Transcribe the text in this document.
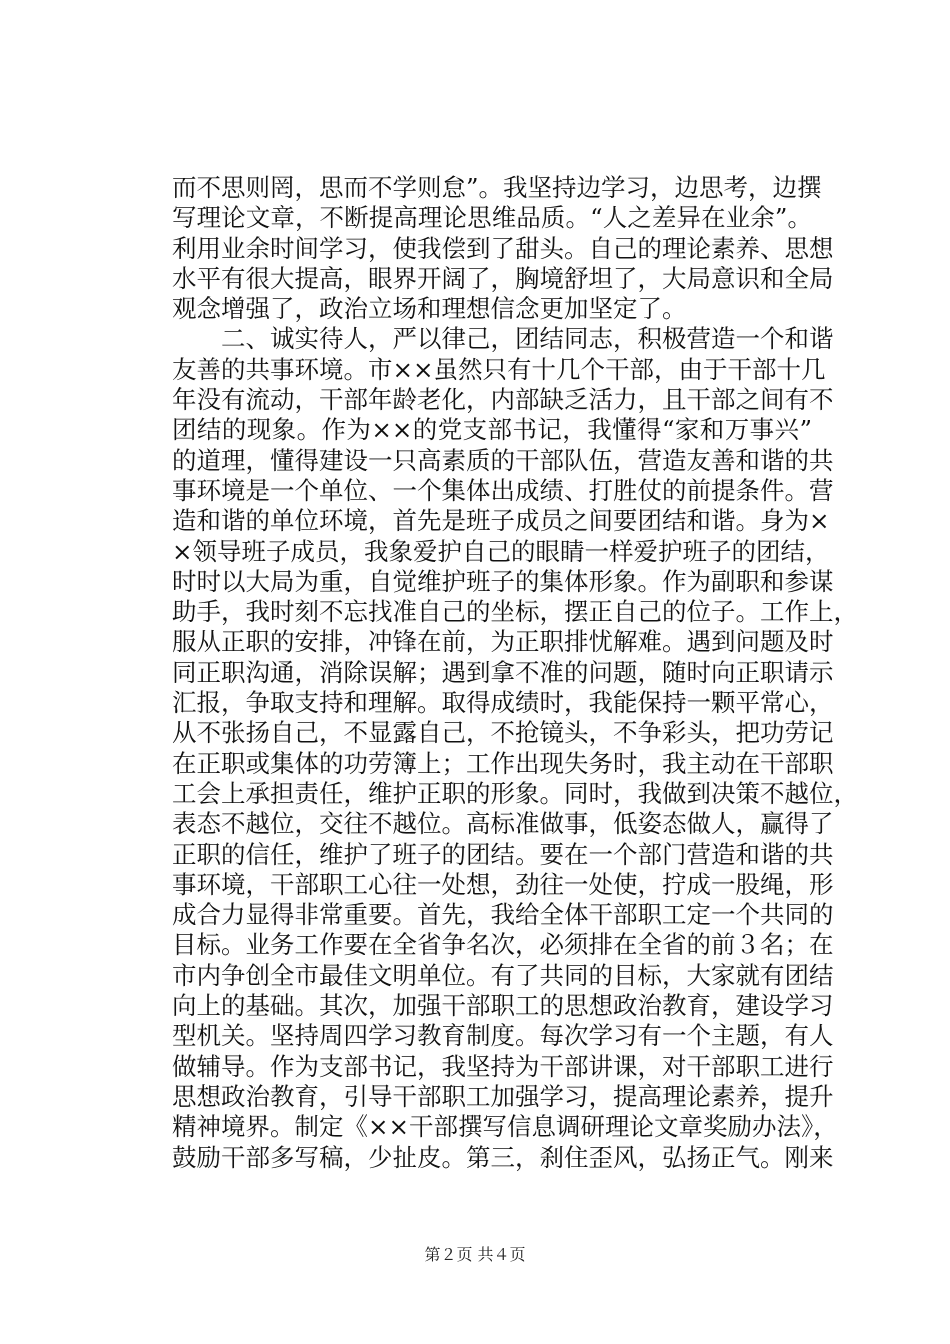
而不思则罔，思而不学则怠”。我坚持边学习，边思考，边撰
写理论文章，不断提高理论思维品质。“人之差异在业余”。
利用业余时间学习，使我偿到了甜头。自己的理论素养、思想
水平有很大提高，眼界开阔了，胸境舒坦了，大局意识和全局
观念增强了，政治立场和理想信念更加坚定了。
　　二、诚实待人，严以律己，团结同志，积极营造一个和谐
友善的共事环境。市××虽然只有十几个干部，由于干部十几
年没有流动，干部年龄老化，内部缺乏活力，且干部之间有不
团结的现象。作为××的党支部书记，我懂得“家和万事兴”
的道理，懂得建设一只高素质的干部队伍，营造友善和谐的共
事环境是一个单位、一个集体出成绩、打胜仗的前提条件。营
造和谐的单位环境，首先是班子成员之间要团结和谐。身为×
×领导班子成员，我象爱护自己的眼睛一样爱护班子的团结，
时时以大局为重，自觉维护班子的集体形象。作为副职和参谋
助手，我时刻不忘找准自己的坐标，摆正自己的位子。工作上，
服从正职的安排，冲锋在前，为正职排忧解难。遇到问题及时
同正职沟通，消除误解；遇到拿不准的问题，随时向正职请示
汇报，争取支持和理解。取得成绩时，我能保持一颗平常心，
从不张扬自己，不显露自己，不抢镜头，不争彩头，把功劳记
在正职或集体的功劳簿上；工作出现失务时，我主动在干部职
工会上承担责任，维护正职的形象。同时，我做到决策不越位，
表态不越位，交往不越位。高标准做事，低姿态做人，赢得了
正职的信任，维护了班子的团结。要在一个部门营造和谐的共
事环境，干部职工心往一处想，劲往一处使，拧成一股绳，形
成合力显得非常重要。首先，我给全体干部职工定一个共同的
目标。业务工作要在全省争名次，必须排在全省的前３名；在
市内争创全市最佳文明单位。有了共同的目标，大家就有团结
向上的基础。其次，加强干部职工的思想政治教育，建设学习
型机关。坚持周四学习教育制度。每次学习有一个主题，有人
做辅导。作为支部书记，我坚持为干部讲课，对干部职工进行
思想政治教育，引导干部职工加强学习，提高理论素养，提升
精神境界。制定《××干部撰写信息调研理论文章奖励办法》，
鼓励干部多写稿，少扯皮。第三，刹住歪风，弘扬正气。刚来
第２页 共４页
